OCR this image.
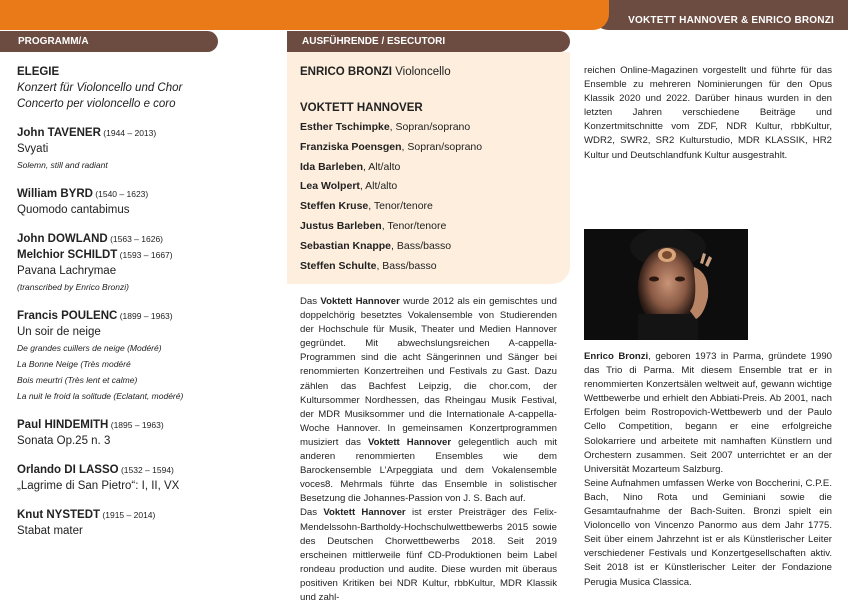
VOKTETT HANNOVER & ENRICO BRONZI
PROGRAMM/A	AUSFÜHRENDE / ESECUTORI
ELEGIE
Konzert für Violoncello und Chor
Concerto per violoncello e coro
John TAVENER (1944 – 2013)
Svyati
Solemn, still and radiant
William BYRD (1540 – 1623)
Quomodo cantabimus
John DOWLAND (1563 – 1626)
Melchior SCHILDT (1593 – 1667)
Pavana Lachrymae
(transcribed by Enrico Bronzi)
Francis POULENC (1899 – 1963)
Un soir de neige
De grandes cuillers de neige (Modéré)
La Bonne Neige (Très modéré
Bois meurtri (Très lent et calme)
La nuit le froid la solitude (Eclatant, modéré)
Paul HINDEMITH (1895 – 1963)
Sonata Op.25 n. 3
Orlando DI LASSO (1532 – 1594)
„Lagrime di San Pietro“: I, II, VX
Knut NYSTEDT (1915 – 2014)
Stabat mater
ENRICO BRONZI Violoncello
VOKTETT HANNOVER
Esther Tschimpke, Sopran/soprano
Franziska Poensgen, Sopran/soprano
Ida Barleben, Alt/alto
Lea Wolpert, Alt/alto
Steffen Kruse, Tenor/tenore
Justus Barleben, Tenor/tenore
Sebastian Knappe, Bass/basso
Steffen Schulte, Bass/basso
Das Voktett Hannover wurde 2012 als ein gemischtes und doppelchörig besetztes Vokalensemble von Studierenden der Hochschule für Musik, Theater und Medien Hannover gegründet. Mit abwechslungsreichen A-cappella-Programmen sind die acht Sängerinnen und Sänger bei renommierten Konzertreihen und Festivals zu Gast. Dazu zählen das Bachfest Leipzig, die chor.com, der Kultursommer Nordhessen, das Rheingau Musik Festival, der MDR Musiksommer und die Internationale A-cappella-Woche Hannover. In gemeinsamen Konzertprogrammen musiziert das Voktett Hannover gelegentlich auch mit anderen renommierten Ensembles wie dem Barockensemble L’Arpeggiata und dem Vokalensemble voces8. Mehrmals führte das Ensemble in solistischer Besetzung die Johannes-Passion von J. S. Bach auf.
Das Voktett Hannover ist erster Preisträger des Felix-Mendelssohn-Bartholdy-Hochschulwettbewerbs 2015 sowie des Deutschen Chorwettbewerbs 2018. Seit 2019 erscheinen mittlerweile fünf CD-Produktionen beim Label rondeau production und audite. Diese wurden mit überaus positiven Kritiken bei NDR Kultur, rbbKultur, MDR Klassik und zahl-
reichen Online-Magazinen vorgestellt und führte für das Ensemble zu mehreren Nominierungen für den Opus Klassik 2020 und 2022. Darüber hinaus wurden in den letzten Jahren verschiedene Beiträge und Konzertmitschnitte vom ZDF, NDR Kultur, rbbKultur, WDR2, SWR2, SR2 Kulturstudio, MDR KLASSIK, HR2 Kultur und Deutschlandfunk Kultur ausgestrahlt.
Enrico Bronzi, geboren 1973 in Parma, gründete 1990 das Trio di Parma. Mit diesem Ensemble trat er in renommierten Konzertsälen weltweit auf, gewann wichtige Wettbewerbe und erhielt den Abbiati-Preis. Ab 2001, nach Erfolgen beim Rostropovich-Wettbewerb und der Paulo Cello Competition, begann er eine erfolgreiche Solokarriere und arbeitete mit namhaften Künstlern und Orchestern zusammen. Seit 2007 unterrichtet er an der Universität Mozarteum Salzburg.
Seine Aufnahmen umfassen Werke von Boccherini, C.P.E. Bach, Nino Rota und Geminiani sowie die Gesamtaufnahme der Bach-Suiten. Bronzi spielt ein Violoncello von Vincenzo Panormo aus dem Jahr 1775. Seit über einem Jahrzehnt ist er als Künstlerischer Leiter verschiedener Festivals und Konzertgesellschaften aktiv. Seit 2018 ist er Künstlerischer Leiter der Fondazione Perugia Musica Classica.
